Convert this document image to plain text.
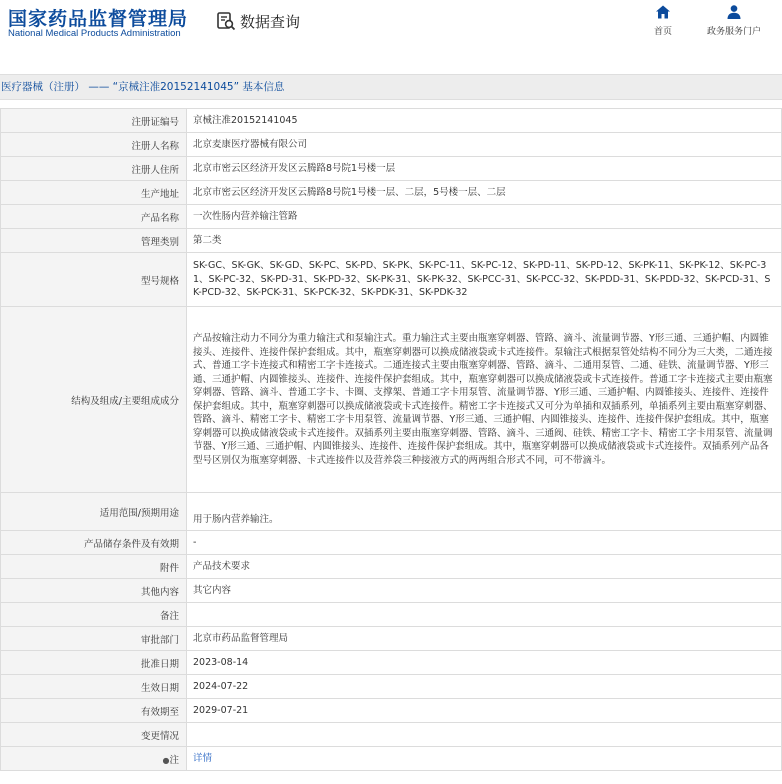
国家药品监督管理局
National Medical Products Administration
数据查询
首页	政务服务门户
医疗器械（注册） —— “京械注准20152141045” 基本信息
注册证编号	京械注准20152141045
注册人名称	北京麦康医疗器械有限公司
注册人住所	北京市密云区经济开发区云腾路8号院1号楼一层
生产地址	北京市密云区经济开发区云腾路8号院1号楼一层、二层，5号楼一层、二层
产品名称	一次性肠内营养输注管路
管理类别	第二类
型号规格	SK-GC、SK-GK、SK-GD、SK-PC、SK-PD、SK-PK、SK-PC-11、SK-PC-12、SK-PD-11、SK-PD-12、SK-PK-11、SK-PK-12、SK-PC-31、SK-PC-32、SK-PD-31、SK-PD-32、SK-PK-31、SK-PK-32、SK-PCC-31、SK-PCC-32、SK-PDD-31、SK-PDD-32、SK-PCD-31、SK-PCD-32、SK-PCK-31、SK-PCK-32、SK-PDK-31、SK-PDK-32
结构及组成/主要组成成分	产品按输注动力不同分为重力输注式和泵输注式。重力输注式主要由瓶塞穿刺器、管路、滴斗、流量调节器、Y形三通、三通护帽、内圆锥接头、连接件、连接件保护套组成。其中，瓶塞穿刺器可以换成储液袋或卡式连接件。泵输注式根据泵管处结构不同分为三大类，二通连接式、普通工字卡连接式和精密工字卡连接式。二通连接式主要由瓶塞穿刺器、管路、滴斗、二通用泵管、二通、硅铁、流量调节器、Y形三通、三通护帽、内圆锥接头、连接件、连接件保护套组成。其中，瓶塞穿刺器可以换成储液袋或卡式连接件。普通工字卡连接式主要由瓶塞穿刺器、管路、滴斗、普通工字卡、卡圈、支撑架、普通工字卡用泵管、流量调节器、Y形三通、三通护帽、内圆锥接头、连接件、连接件保护套组成。其中，瓶塞穿刺器可以换成储液袋或卡式连接件。精密工字卡连接式又可分为单插和双插系列，单插系列主要由瓶塞穿刺器、管路、滴斗、精密工字卡、精密工字卡用泵管、流量调节器、Y形三通、三通护帽、内圆锥接头、连接件、连接件保护套组成。其中，瓶塞穿刺器可以换成储液袋或卡式连接件。双插系列主要由瓶塞穿刺器、管路、滴斗、三通阀、硅铁、精密工字卡、精密工字卡用泵管、流量调节器、Y形三通、三通护帽、内圆锥接头、连接件、连接件保护套组成。其中，瓶塞穿刺器可以换成储液袋或卡式连接件。双插系列产品各型号区别仅为瓶塞穿刺器、卡式连接件以及营养袋三种接液方式的两两组合形式不同，可不带滴斗。
适用范围/预期用途	用于肠内营养输注。
产品储存条件及有效期	-
附件	产品技术要求
其他内容	其它内容
备注	
审批部门	北京市药品监督管理局
批准日期	2023-08-14
生效日期	2024-07-22
有效期至	2029-07-21
变更情况	
●注	详情
